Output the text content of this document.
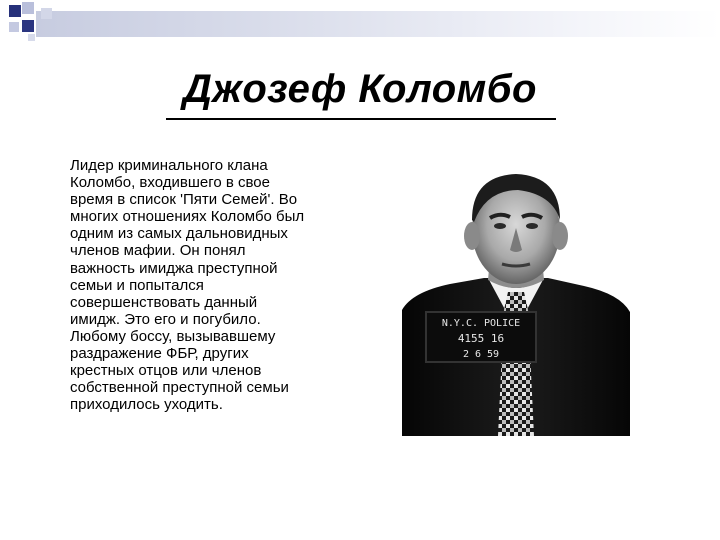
Джозеф Коломбо

Лидер криминального клана
Коломбо, входившего в свое
время в список 'Пяти Семей'. Во
многих отношениях Коломбо был
одним из самых дальновидных
членов мафии. Он понял
важность имиджа преступной
семьи и попытался
совершенствовать данный
имидж. Это его и погубило.
Любому боссу, вызывавшему
раздражение ФБР, других
крестных отцов или членов
собственной преступной семьи
приходилось уходить.

N.Y.C. POLICE
4155 16
2 6 59
